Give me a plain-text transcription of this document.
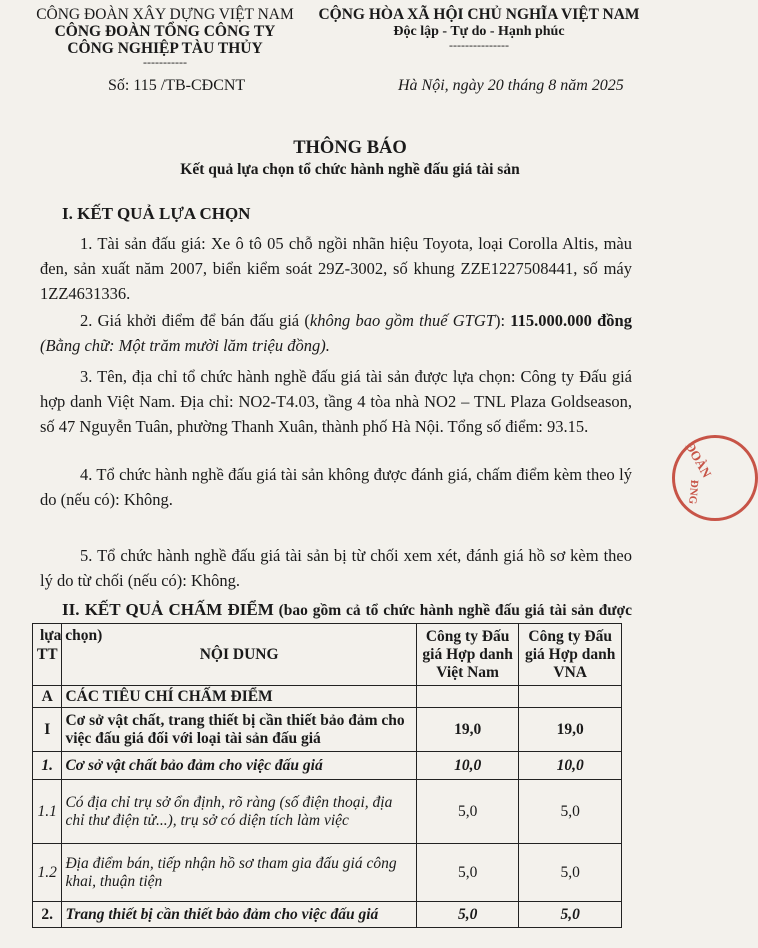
CÔNG ĐOÀN XÂY DỰNG VIỆT NAM
CÔNG ĐOÀN TỔNG CÔNG TY
CÔNG NGHIỆP TÀU THỦY
-----------
CỘNG HÒA XÃ HỘI CHỦ NGHĨA VIỆT NAM
Độc lập - Tự do - Hạnh phúc
---------------
Số: 115 /TB-CĐCNT	Hà Nội, ngày 20 tháng 8 năm 2025
THÔNG BÁO
Kết quả lựa chọn tổ chức hành nghề đấu giá tài sản
I. KẾT QUẢ LỰA CHỌN
1. Tài sản đấu giá: Xe ô tô 05 chỗ ngồi nhãn hiệu Toyota, loại Corolla Altis, màu đen, sản xuất năm 2007, biển kiểm soát 29Z-3002, số khung ZZE1227508441, số máy 1ZZ4631336.
2. Giá khởi điểm để bán đấu giá (không bao gồm thuế GTGT): 115.000.000 đồng (Bằng chữ: Một trăm mười lăm triệu đồng).
3. Tên, địa chỉ tổ chức hành nghề đấu giá tài sản được lựa chọn: Công ty Đấu giá hợp danh Việt Nam. Địa chỉ: NO2-T4.03, tầng 4 tòa nhà NO2 – TNL Plaza Goldseason, số 47 Nguyễn Tuân, phường Thanh Xuân, thành phố Hà Nội. Tổng số điểm: 93.15.
4. Tổ chức hành nghề đấu giá tài sản không được đánh giá, chấm điểm kèm theo lý do (nếu có): Không.
5. Tổ chức hành nghề đấu giá tài sản bị từ chối xem xét, đánh giá hồ sơ kèm theo lý do từ chối (nếu có): Không.
II. KẾT QUẢ CHẤM ĐIỂM (bao gồm cả tổ chức hành nghề đấu giá tài sản được lựa chọn)
TT	NỘI DUNG	Công ty Đấu giá Hợp danh Việt Nam	Công ty Đấu giá Hợp danh VNA
A	CÁC TIÊU CHÍ CHẤM ĐIỂM		
I	Cơ sở vật chất, trang thiết bị cần thiết bảo đảm cho việc đấu giá đối với loại tài sản đấu giá	19,0	19,0
1.	Cơ sở vật chất bảo đảm cho việc đấu giá	10,0	10,0
1.1	Có địa chỉ trụ sở ổn định, rõ ràng (số điện thoại, địa chỉ thư điện tử...), trụ sở có diện tích làm việc	5,0	5,0
1.2	Địa điểm bán, tiếp nhận hồ sơ tham gia đấu giá công khai, thuận tiện	5,0	5,0
2.	Trang thiết bị cần thiết bảo đảm cho việc đấu giá	5,0	5,0
ĐOÀN
ĐNG
